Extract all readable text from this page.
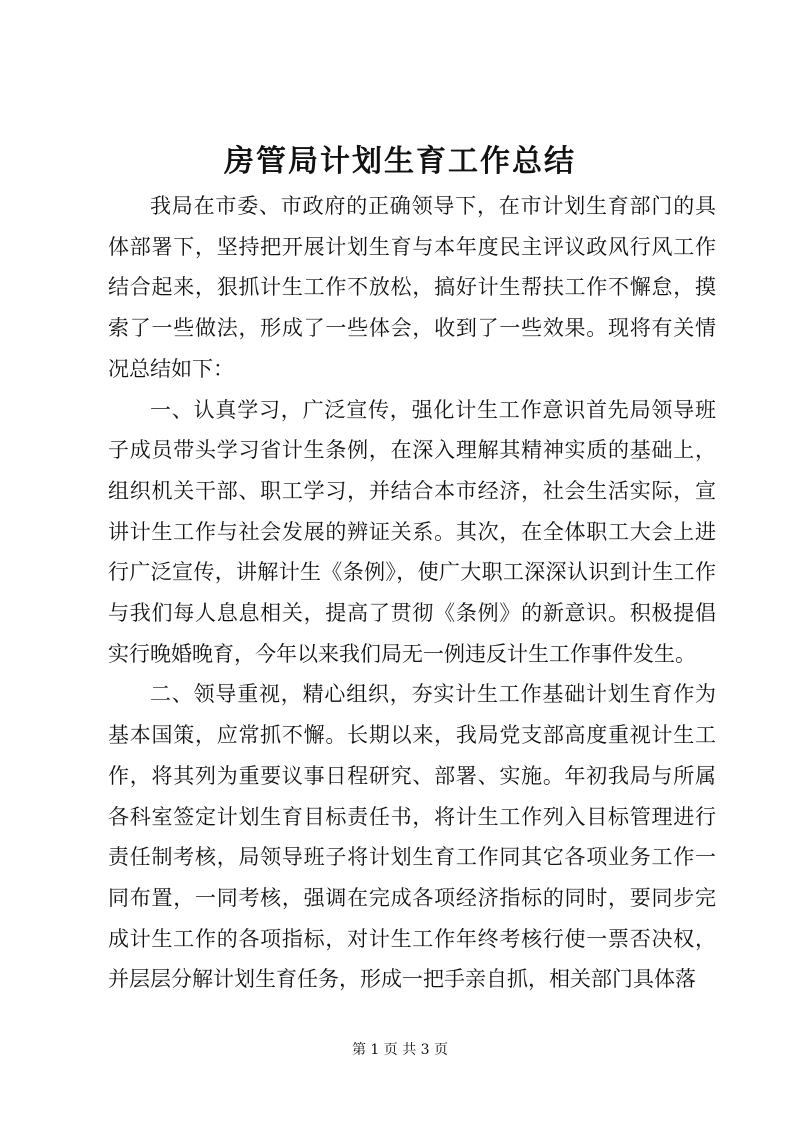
房管局计划生育工作总结

我局在市委、市政府的正确领导下，在市计划生育部门的具体部署下，坚持把开展计划生育与本年度民主评议政风行风工作结合起来，狠抓计生工作不放松，搞好计生帮扶工作不懈怠，摸索了一些做法，形成了一些体会，收到了一些效果。现将有关情况总结如下：

一、认真学习，广泛宣传，强化计生工作意识首先局领导班子成员带头学习省计生条例，在深入理解其精神实质的基础上，组织机关干部、职工学习，并结合本市经济，社会生活实际，宣讲计生工作与社会发展的辨证关系。其次，在全体职工大会上进行广泛宣传，讲解计生《条例》，使广大职工深深认识到计生工作与我们每人息息相关，提高了贯彻《条例》的新意识。积极提倡实行晚婚晚育，今年以来我们局无一例违反计生工作事件发生。

二、领导重视，精心组织，夯实计生工作基础计划生育作为基本国策，应常抓不懈。长期以来，我局党支部高度重视计生工作，将其列为重要议事日程研究、部署、实施。年初我局与所属各科室签定计划生育目标责任书，将计生工作列入目标管理进行责任制考核，局领导班子将计划生育工作同其它各项业务工作一同布置，一同考核，强调在完成各项经济指标的同时，要同步完成计生工作的各项指标，对计生工作年终考核行使一票否决权，并层层分解计划生育任务，形成一把手亲自抓，相关部门具体落

第 1 页 共 3 页
